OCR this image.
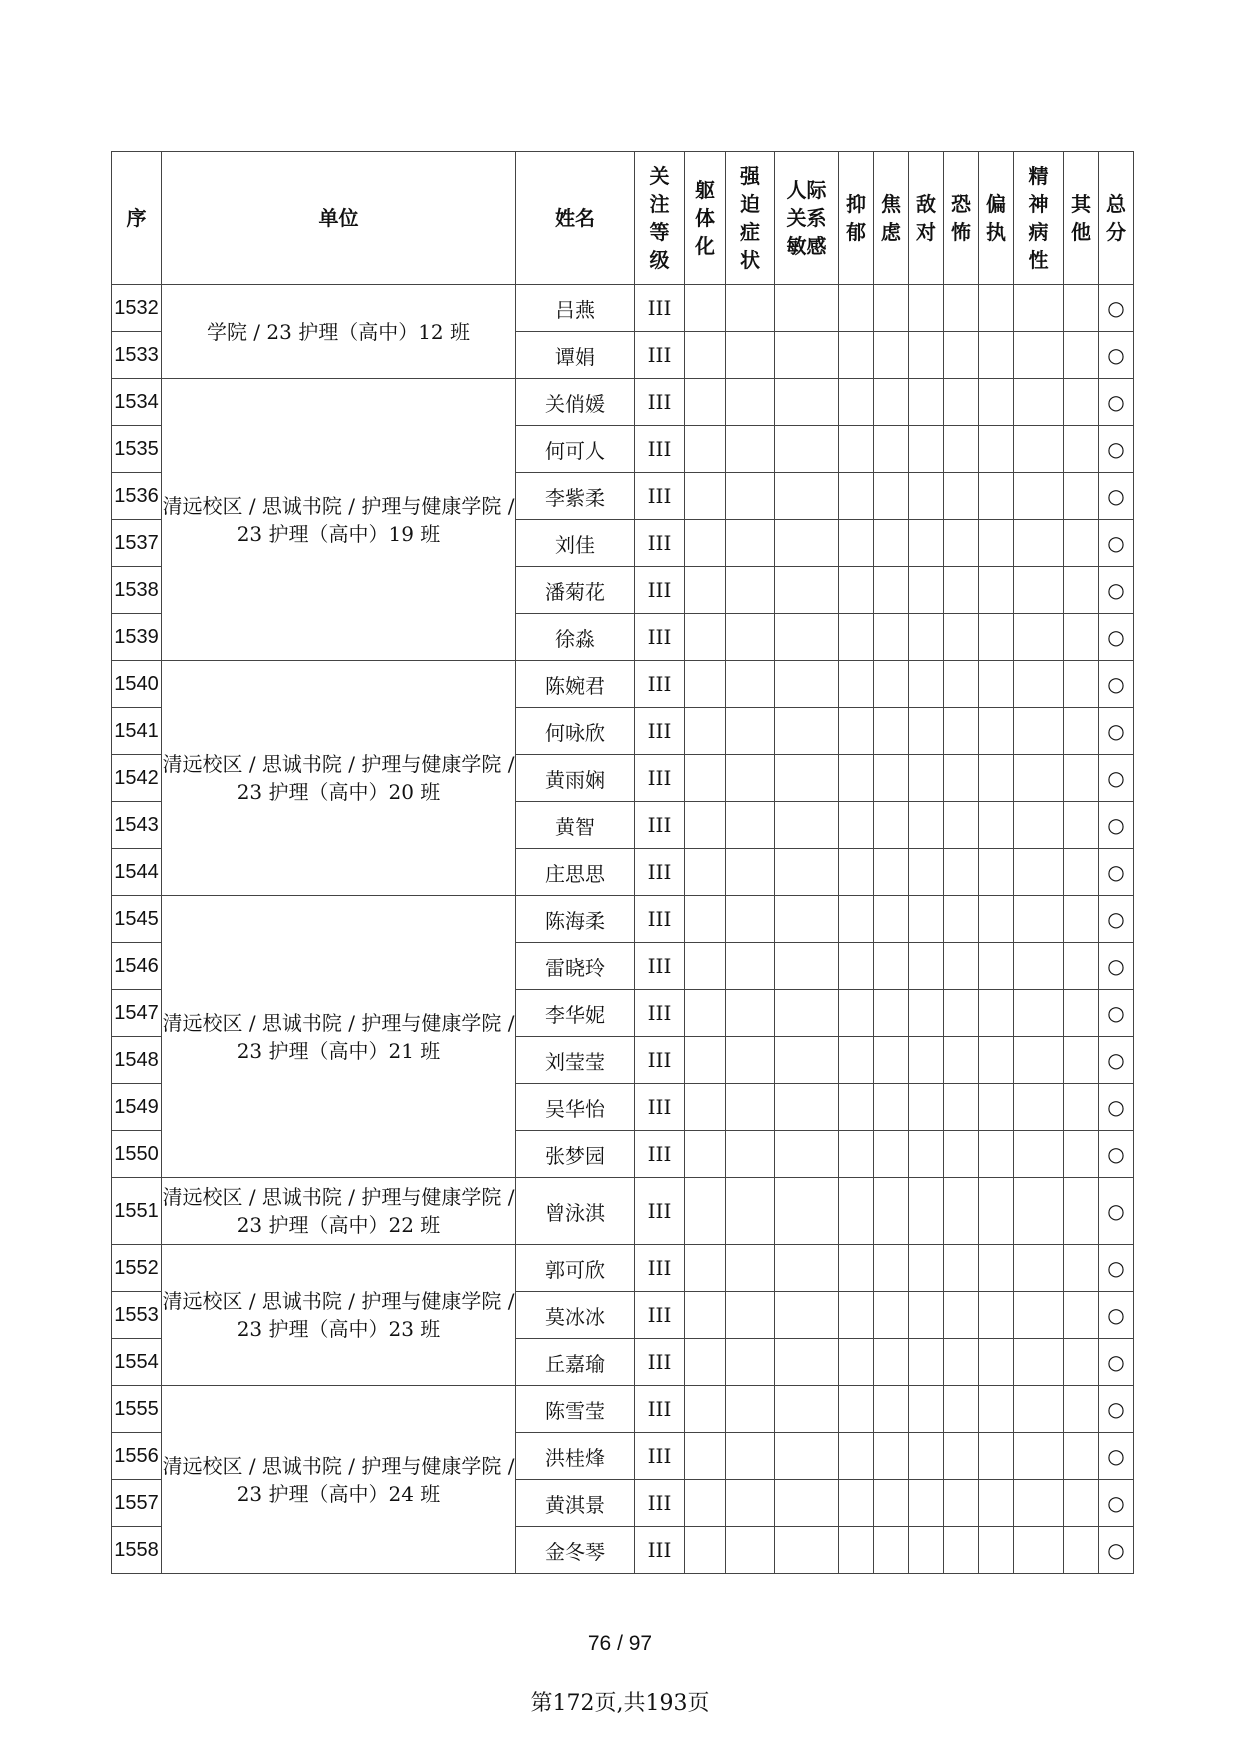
序	单位	姓名	关注等级	躯体化	强迫症状	人际关系敏感	抑郁	焦虑	敌对	恐怖	偏执	精神病性	其他	总分
1532	学院 / 23 护理（高中）12 班	吕燕	III											○
1533		谭娟	III											○
1534	清远校区 / 思诚书院 / 护理与健康学院 / 23 护理（高中）19 班	关俏媛	III											○
1535		何可人	III											○
1536		李紫柔	III											○
1537		刘佳	III											○
1538		潘菊花	III											○
1539		徐淼	III											○
1540	清远校区 / 思诚书院 / 护理与健康学院 / 23 护理（高中）20 班	陈婉君	III											○
1541		何咏欣	III											○
1542		黄雨娴	III											○
1543		黄智	III											○
1544		庄思思	III											○
1545	清远校区 / 思诚书院 / 护理与健康学院 / 23 护理（高中）21 班	陈海柔	III											○
1546		雷晓玲	III											○
1547		李华妮	III											○
1548		刘莹莹	III											○
1549		吴华怡	III											○
1550		张梦园	III											○
1551	清远校区 / 思诚书院 / 护理与健康学院 / 23 护理（高中）22 班	曾泳淇	III											○
1552	清远校区 / 思诚书院 / 护理与健康学院 / 23 护理（高中）23 班	郭可欣	III											○
1553		莫冰冰	III											○
1554		丘嘉瑜	III											○
1555	清远校区 / 思诚书院 / 护理与健康学院 / 23 护理（高中）24 班	陈雪莹	III											○
1556		洪桂烽	III											○
1557		黄淇景	III											○
1558		金冬琴	III											○
76 / 97
第172页,共193页
